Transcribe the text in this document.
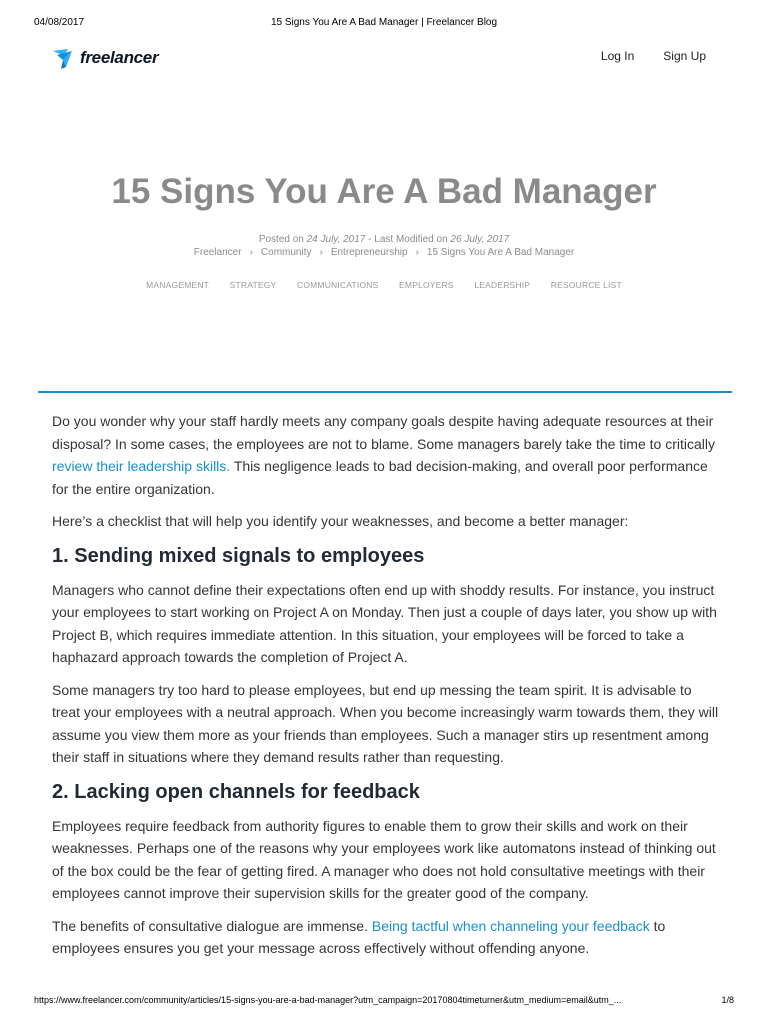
04/08/2017	15 Signs You Are A Bad Manager | Freelancer Blog
freelancer	Log In Sign Up
15 Signs You Are A Bad Manager
Posted on 24 July, 2017 - Last Modified on 26 July, 2017
Freelancer › Community › Entrepreneurship › 15 Signs You Are A Bad Manager
MANAGEMENT STRATEGY COMMUNICATIONS EMPLOYERS LEADERSHIP RESOURCE LIST

Do you wonder why your staff hardly meets any company goals despite having adequate resources at their disposal? In some cases, the employees are not to blame. Some managers barely take the time to critically review their leadership skills. This negligence leads to bad decision-making, and overall poor performance for the entire organization.

Here’s a checklist that will help you identify your weaknesses, and become a better manager:

1. Sending mixed signals to employees

Managers who cannot define their expectations often end up with shoddy results. For instance, you instruct your employees to start working on Project A on Monday. Then just a couple of days later, you show up with Project B, which requires immediate attention. In this situation, your employees will be forced to take a haphazard approach towards the completion of Project A.

Some managers try too hard to please employees, but end up messing the team spirit. It is advisable to treat your employees with a neutral approach. When you become increasingly warm towards them, they will assume you view them more as your friends than employees. Such a manager stirs up resentment among their staff in situations where they demand results rather than requesting.

2. Lacking open channels for feedback

Employees require feedback from authority figures to enable them to grow their skills and work on their weaknesses. Perhaps one of the reasons why your employees work like automatons instead of thinking out of the box could be the fear of getting fired. A manager who does not hold consultative meetings with their employees cannot improve their supervision skills for the greater good of the company.

The benefits of consultative dialogue are immense. Being tactful when channeling your feedback to employees ensures you get your message across effectively without offending anyone.

https://www.freelancer.com/community/articles/15-signs-you-are-a-bad-manager?utm_campaign=20170804timeturner&utm_medium=email&utm_...	1/8
